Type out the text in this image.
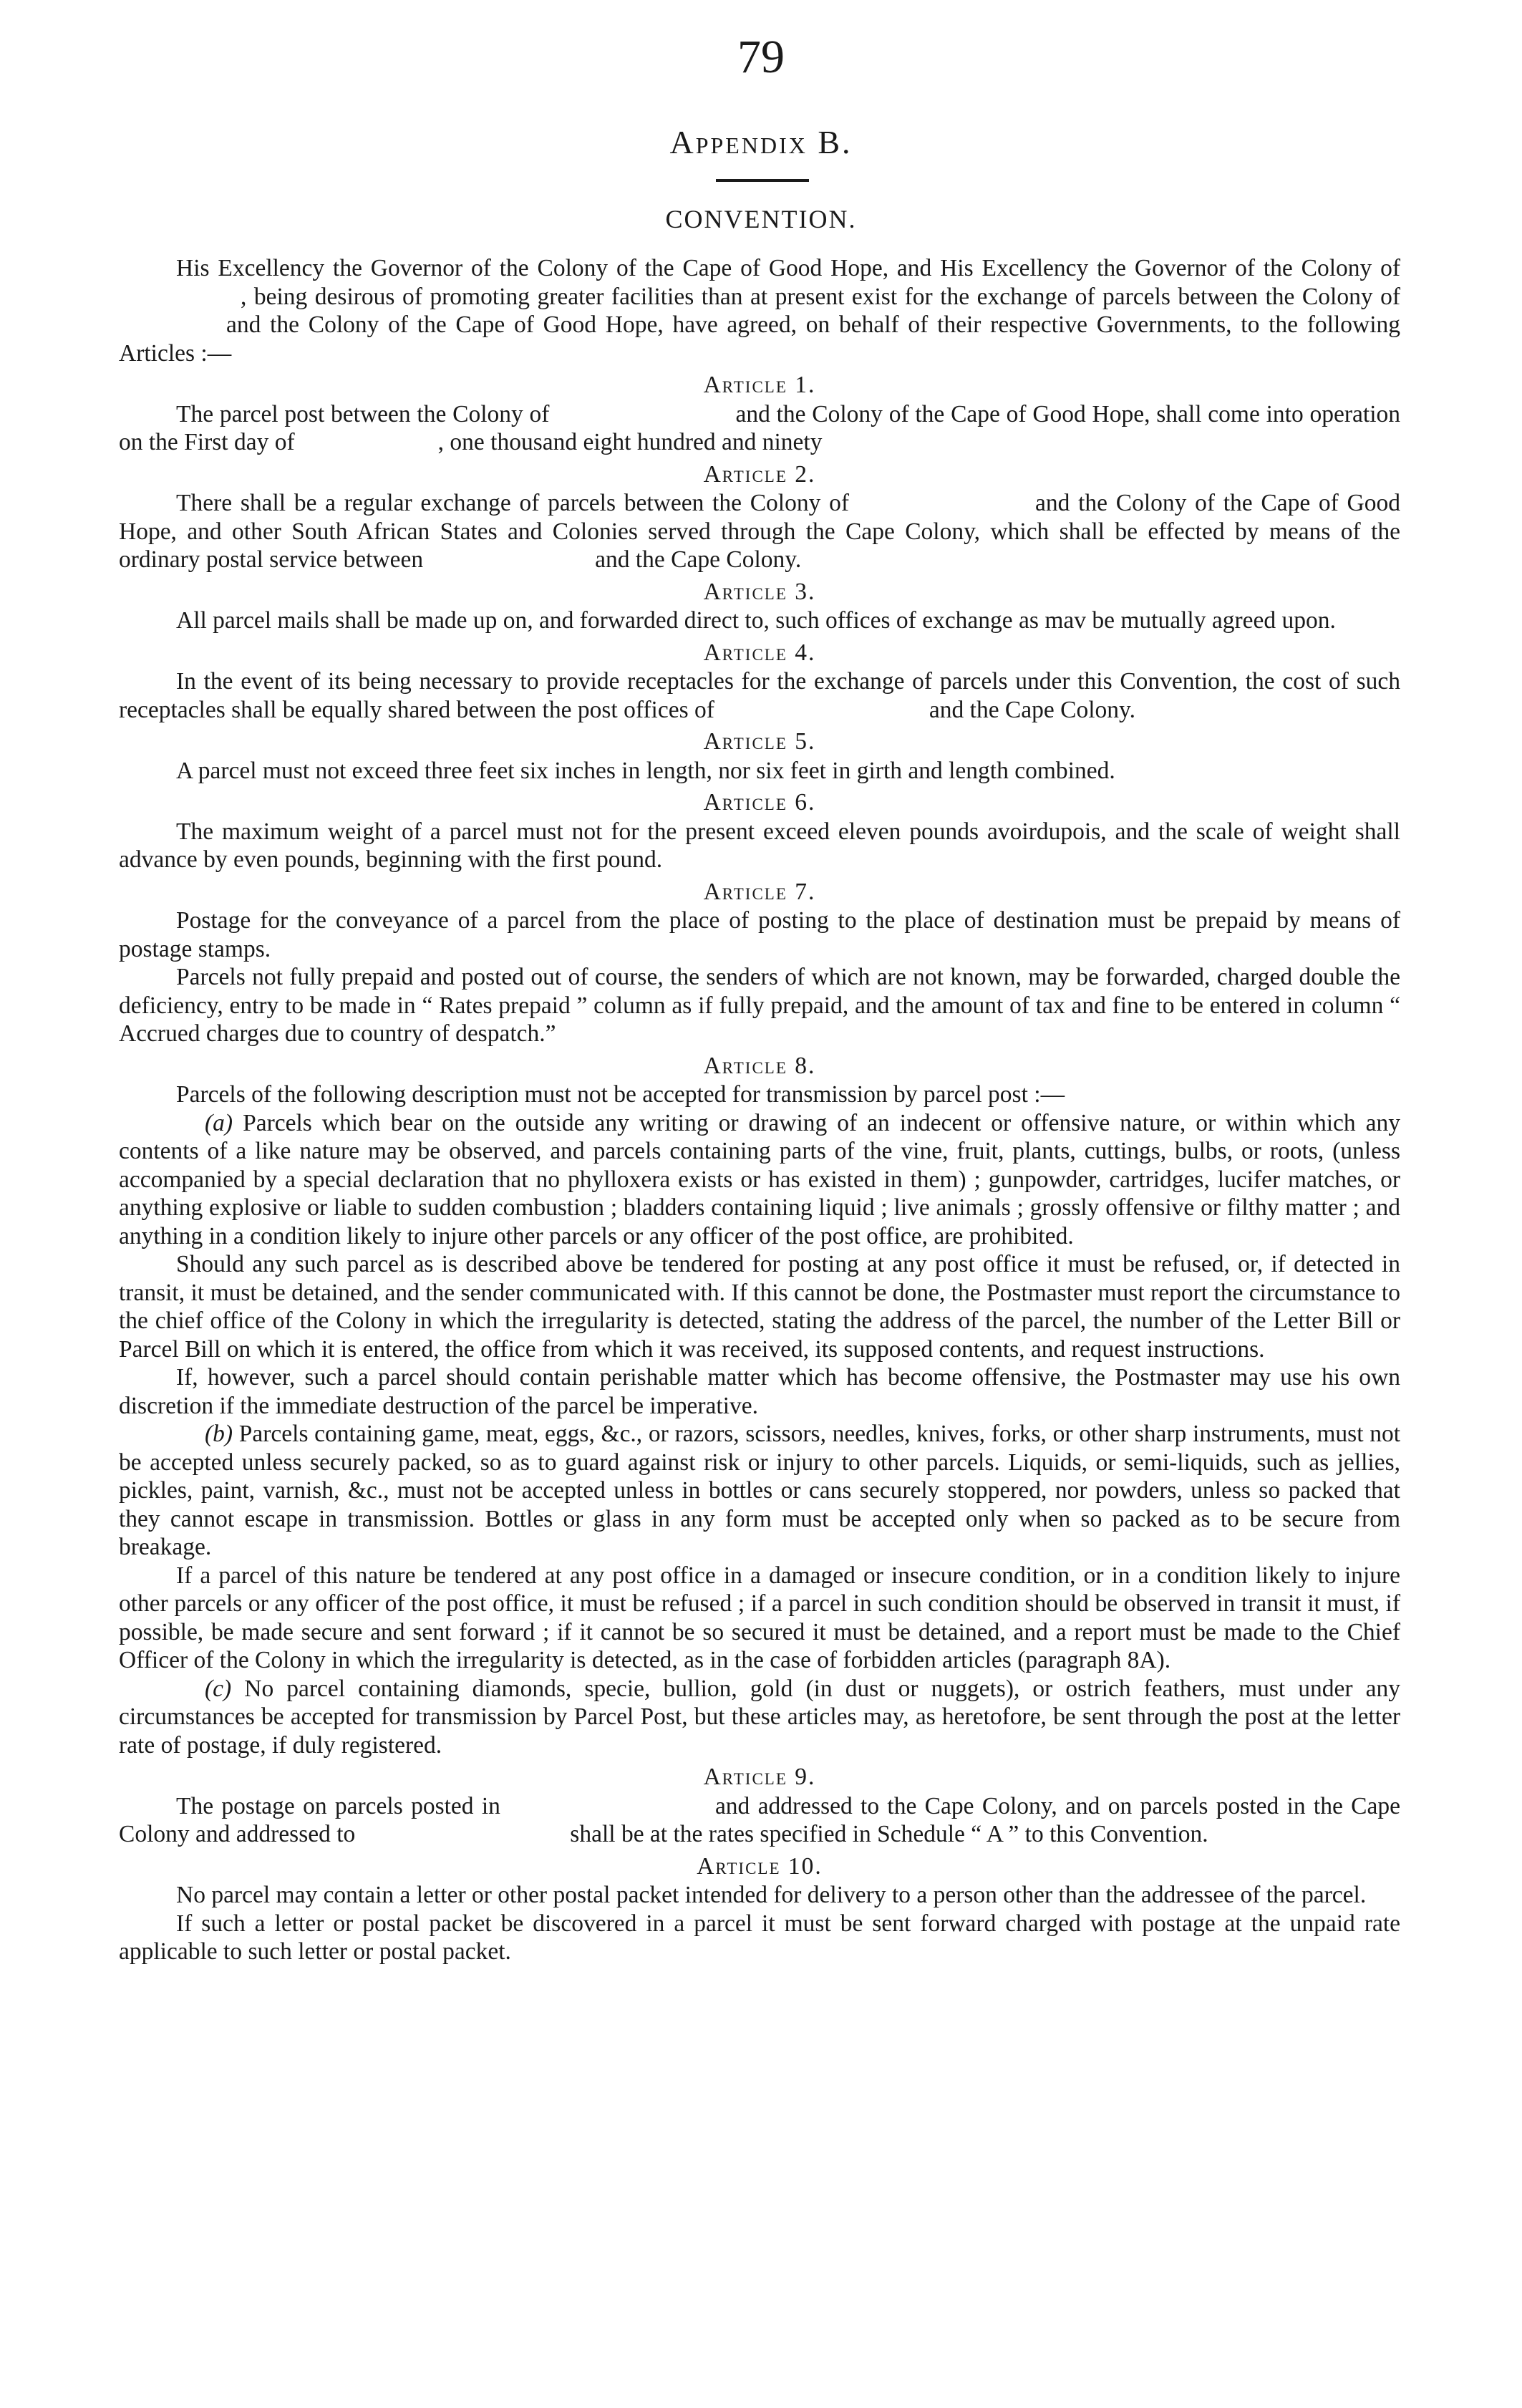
79
Appendix B.
CONVENTION.

His Excellency the Governor of the Colony of the Cape of Good Hope, and His Excellency the Governor of the Colony of, being desirous of promoting greater facilities than at present exist for the exchange of parcels between the Colony ofand the Colony of the Cape of Good Hope, have agreed, on behalf of their respective Governments, to the following Articles :—

Article 1.

The parcel post between the Colony of	and the Colony of the Cape of Good Hope, shall come into operation on the First day of	, one thousand eight hundred and ninety

Article 2.

There shall be a regular exchange of parcels between the Colony of	and the Colony of the Cape of Good Hope, and other South African States and Colonies served through the Cape Colony, which shall be effected by means of the ordinary postal service between	and the Cape Colony.

Article 3.

All parcel mails shall be made up on, and forwarded direct to, such offices of exchange as mav be mutually agreed upon.

Article 4.

In the event of its being necessary to provide receptacles for the exchange of parcels under this Convention, the cost of such receptacles shall be equally shared between the post offices of	and the Cape Colony.

Article 5.

A parcel must not exceed three feet six inches in length, nor six feet in girth and length combined.

Article 6.

The maximum weight of a parcel must not for the present exceed eleven pounds avoirdupois, and the scale of weight shall advance by even pounds, beginning with the first pound.

Article 7.

Postage for the conveyance of a parcel from the place of posting to the place of destination must be prepaid by means of postage stamps.

Parcels not fully prepaid and posted out of course, the senders of which are not known, may be forwarded, charged double the deficiency, entry to be made in “ Rates prepaid ” column as if fully prepaid, and the amount of tax and fine to be entered in column “ Accrued charges due to country of despatch.”

Article 8.

Parcels of the following description must not be accepted for transmission by parcel post :—

(a) Parcels which bear on the outside any writing or drawing of an indecent or offensive nature, or within which any contents of a like nature may be observed, and parcels containing parts of the vine, fruit, plants, cuttings, bulbs, or roots, (unless accompanied by a special declaration that no phylloxera exists or has existed in them) ; gunpowder, cartridges, lucifer matches, or anything explosive or liable to sudden combustion ; bladders containing liquid ; live animals ; grossly offensive or filthy matter ; and anything in a condition likely to injure other parcels or any officer of the post office, are prohibited.

Should any such parcel as is described above be tendered for posting at any post office it must be refused, or, if detected in transit, it must be detained, and the sender communicated with. If this cannot be done, the Postmaster must report the circumstance to the chief office of the Colony in which the irregularity is detected, stating the address of the parcel, the number of the Letter Bill or Parcel Bill on which it is entered, the office from which it was received, its supposed contents, and request instructions.

If, however, such a parcel should contain perishable matter which has become offensive, the Postmaster may use his own discretion if the immediate destruction of the parcel be imperative.

(b) Parcels containing game, meat, eggs, &c., or razors, scissors, needles, knives, forks, or other sharp instruments, must not be accepted unless securely packed, so as to guard against risk or injury to other parcels. Liquids, or semi-liquids, such as jellies, pickles, paint, varnish, &c., must not be accepted unless in bottles or cans securely stoppered, nor powders, unless so packed that they cannot escape in transmission. Bottles or glass in any form must be accepted only when so packed as to be secure from breakage.

If a parcel of this nature be tendered at any post office in a damaged or insecure condition, or in a condition likely to injure other parcels or any officer of the post office, it must be refused ; if a parcel in such condition should be observed in transit it must, if possible, be made secure and sent forward ; if it cannot be so secured it must be detained, and a report must be made to the Chief Officer of the Colony in which the irregularity is detected, as in the case of forbidden articles (paragraph 8A).

(c) No parcel containing diamonds, specie, bullion, gold (in dust or nuggets), or ostrich feathers, must under any circumstances be accepted for transmission by Parcel Post, but these articles may, as heretofore, be sent through the post at the letter rate of postage, if duly registered.

Article 9.

The postage on parcels posted in	and addressed to the Cape Colony, and on parcels posted in the Cape Colony and addressed to	shall be at the rates specified in Schedule “ A ” to this Convention.

Article 10.

No parcel may contain a letter or other postal packet intended for delivery to a person other than the addressee of the parcel.

If such a letter or postal packet be discovered in a parcel it must be sent forward charged with postage at the unpaid rate applicable to such letter or postal packet.
